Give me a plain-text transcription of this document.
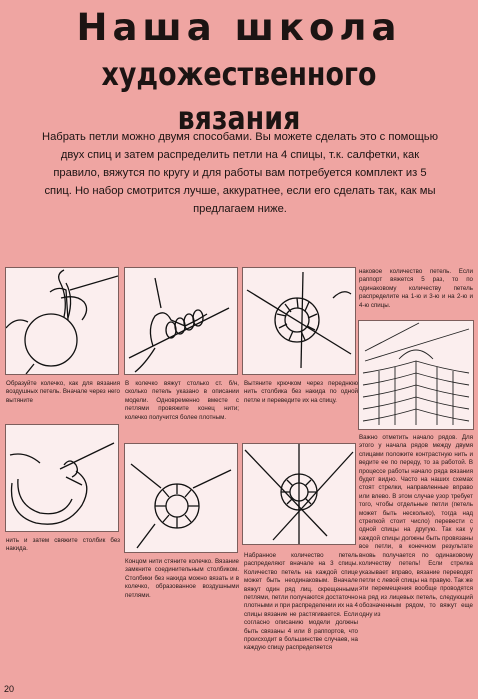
Наша школа
художественного вязания
Набрать петли можно двумя способами. Вы можете сделать это с помощью двух спиц и затем распределить петли на 4 спицы, т.к. салфетки, как правило, вяжутся по кругу и для работы вам потребуется комплект из 5 спиц. Но набор смотрится лучше, аккуратнее, если его сделать так, как мы предлагаем ниже.
Образуйте колечко, как для вязания воздушных петель. Вначале через него вытяните
В колечко вяжут столько ст. б/н, сколько петель указано в описании модели. Одновременно вместе с петлями провяжите конец нити; колечко получится более плотным.
Вытяните крючком через переднюю нить столбика без накида по одной петле и переведите их на спицу.
нить и затем свяжите столбик без накида.
Концом нити стяните колечко. Вязание замкните соединительным столбиком. Столбики без накида можно вязать и в колечко, образованное воздушными петлями.
Набранное количество петель распределяют вначале на 3 спицы. Количество петель на каждой спице может быть неодинаковым. Вначале вяжут один ряд лиц. скрещенными петлями, петли получаются достаточно плотными и при распределении их на 4 спицы вязание не растягивается. Если согласно описанию модели должны быть связаны 4 или 8 раппортов, что происходит в большинстве случаев, на каждую спицу распределяется
наковое количество петель. Если раппорт вяжется 5 раз, то по одинаковому количеству петель распределите на 1-ю и 3-ю и на 2-ю и 4-ю спицы.
Важно отметить начало рядов. Для этого у начала рядов между двумя спицами положите контрастную нить и ведите ее по переду, то за работой. В процессе работы начало ряда вязания будет видно. Часто на наших схемах стоят стрелки, направленные вправо или влево. В этом случае узор требует того, чтобы отдельные петли (петель может быть несколько), тогда над стрелкой стоит число) перевести с одной спицы на другую. Так как у каждой спицы должны быть провязаны все петли, в конечном результате вновь получается по одинаковому количеству петель! Если стрелка указывает вправо, вязание переводят петли с левой спицы на правую. Так же эти перемещения вообще проводятся на ряд из лицевых петель, следующий обозначенным рядом, то вяжут еще одну из
20
